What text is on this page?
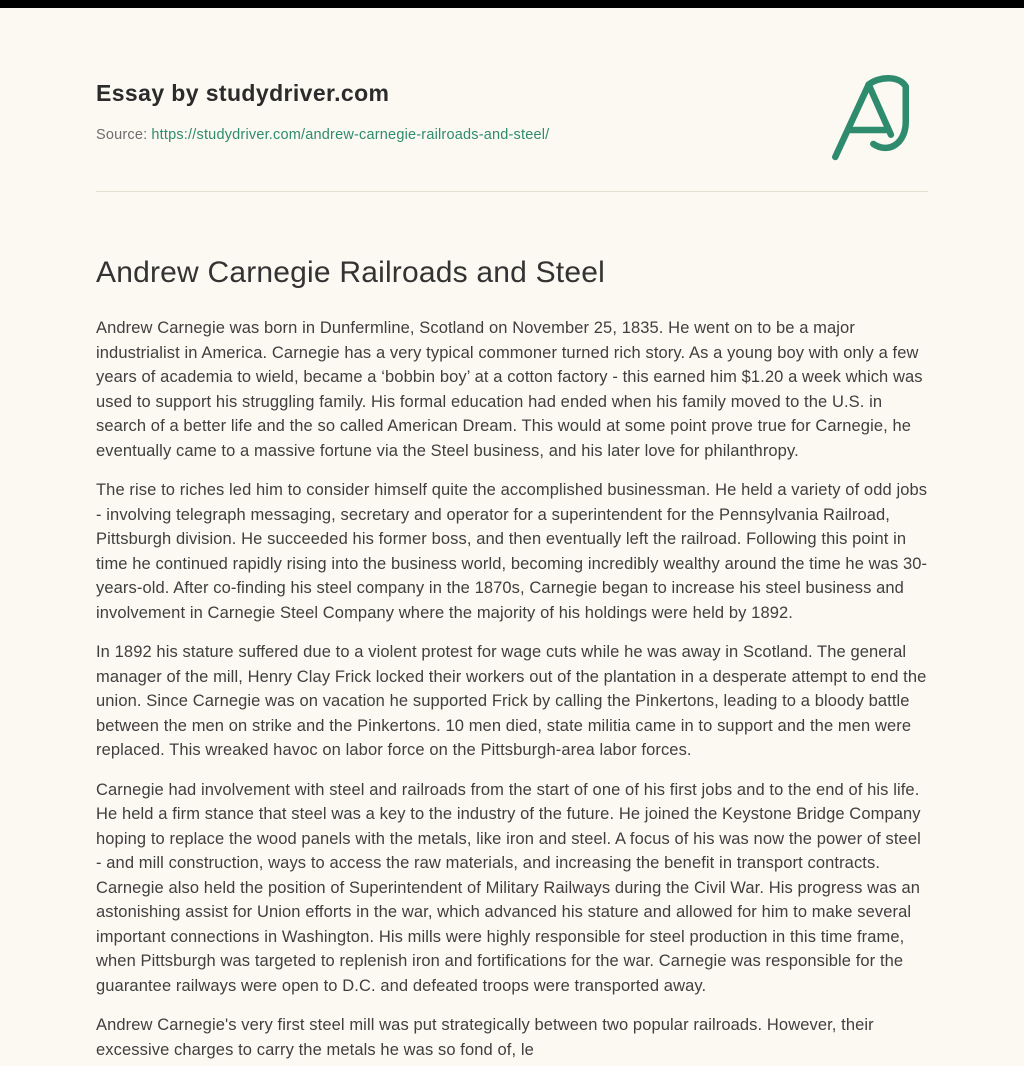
Essay by studydriver.com
Source: https://studydriver.com/andrew-carnegie-railroads-and-steel/
Andrew Carnegie Railroads and Steel

Andrew Carnegie was born in Dunfermline, Scotland on November 25, 1835. He went on to be a major industrialist in America. Carnegie has a very typical commoner turned rich story. As a young boy with only a few years of academia to wield, became a ‘bobbin boy’ at a cotton factory - this earned him $1.20 a week which was used to support his struggling family. His formal education had ended when his family moved to the U.S. in search of a better life and the so called American Dream. This would at some point prove true for Carnegie, he eventually came to a massive fortune via the Steel business, and his later love for philanthropy.

The rise to riches led him to consider himself quite the accomplished businessman. He held a variety of odd jobs - involving telegraph messaging, secretary and operator for a superintendent for the Pennsylvania Railroad, Pittsburgh division. He succeeded his former boss, and then eventually left the railroad. Following this point in time he continued rapidly rising into the business world, becoming incredibly wealthy around the time he was 30-years-old. After co-finding his steel company in the 1870s, Carnegie began to increase his steel business and involvement in Carnegie Steel Company where the majority of his holdings were held by 1892.

In 1892 his stature suffered due to a violent protest for wage cuts while he was away in Scotland. The general manager of the mill, Henry Clay Frick locked their workers out of the plantation in a desperate attempt to end the union. Since Carnegie was on vacation he supported Frick by calling the Pinkertons, leading to a bloody battle between the men on strike and the Pinkertons. 10 men died, state militia came in to support and the men were replaced. This wreaked havoc on labor force on the Pittsburgh-area labor forces.

Carnegie had involvement with steel and railroads from the start of one of his first jobs and to the end of his life. He held a firm stance that steel was a key to the industry of the future. He joined the Keystone Bridge Company hoping to replace the wood panels with the metals, like iron and steel. A focus of his was now the power of steel - and mill construction, ways to access the raw materials, and increasing the benefit in transport contracts. Carnegie also held the position of Superintendent of Military Railways during the Civil War. His progress was an astonishing assist for Union efforts in the war, which advanced his stature and allowed for him to make several important connections in Washington. His mills were highly responsible for steel production in this time frame, when Pittsburgh was targeted to replenish iron and fortifications for the war. Carnegie was responsible for the guarantee railways were open to D.C. and defeated troops were transported away.

Andrew Carnegie's very first steel mill was put strategically between two popular railroads. However, their excessive charges to carry the metals he was so fond of, le
